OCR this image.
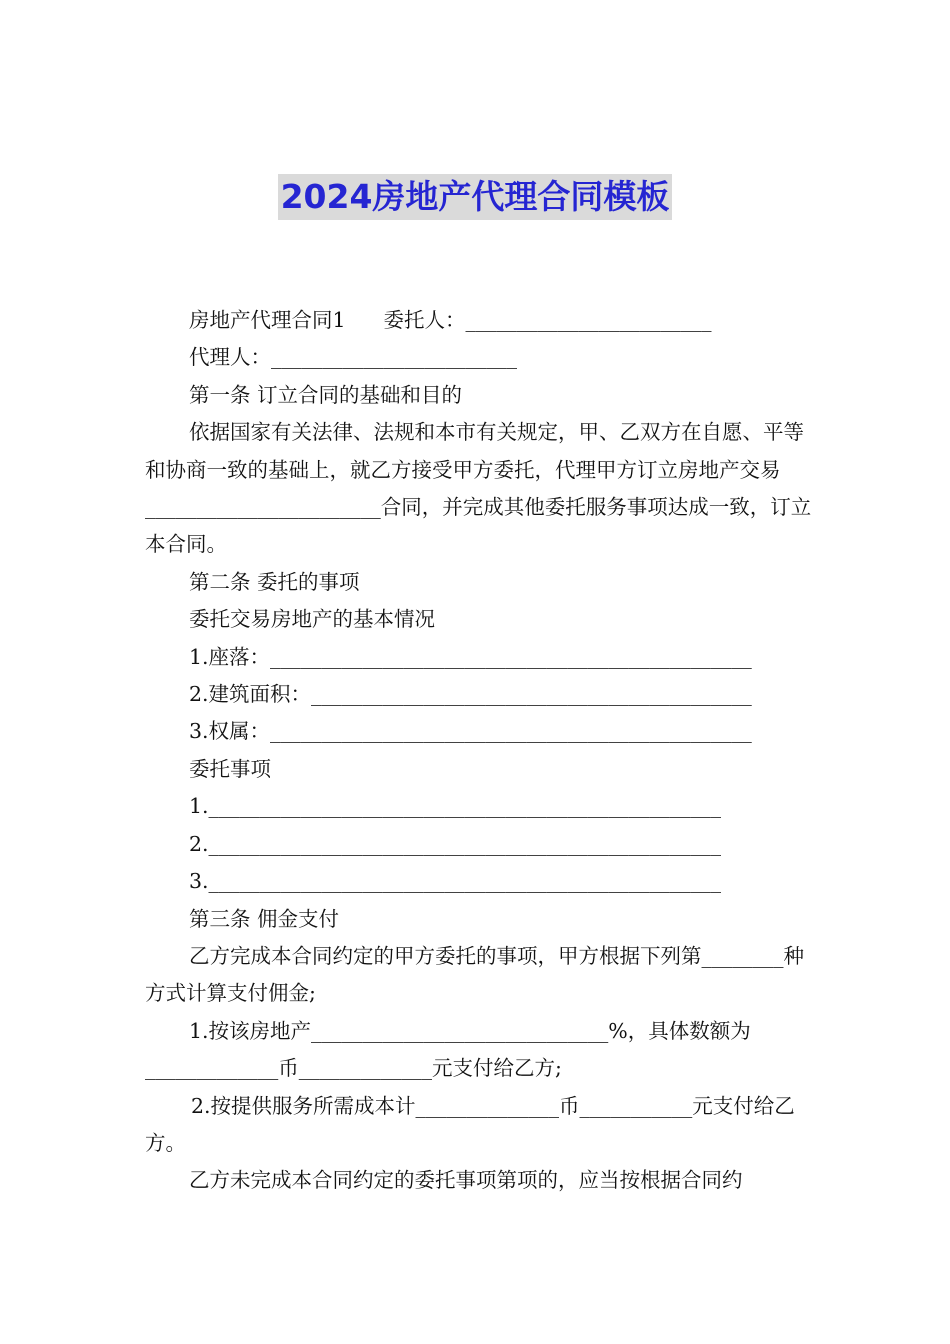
2024房地产代理合同模板

房地产代理合同1 委托人：________________________

代理人：________________________

第一条 订立合同的基础和目的

依据国家有关法律、法规和本市有关规定，甲、乙双方在自愿、平等和协商一致的基础上，就乙方接受甲方委托，代理甲方订立房地产交易_______________________合同，并完成其他委托服务事项达成一致，订立本合同。

第二条 委托的事项

委托交易房地产的基本情况

1.座落：_______________________________________________

2.建筑面积：___________________________________________

3.权属：_______________________________________________

委托事项

1.__________________________________________________

2.__________________________________________________

3.__________________________________________________

第三条 佣金支付

乙方完成本合同约定的甲方委托的事项，甲方根据下列第________种方式计算支付佣金;

1.按该房地产_____________________________%，具体数额为_____________币_____________元支付给乙方;

2.按提供服务所需成本计______________币___________元支付给乙方。

乙方未完成本合同约定的委托事项第项的，应当按根据合同约
